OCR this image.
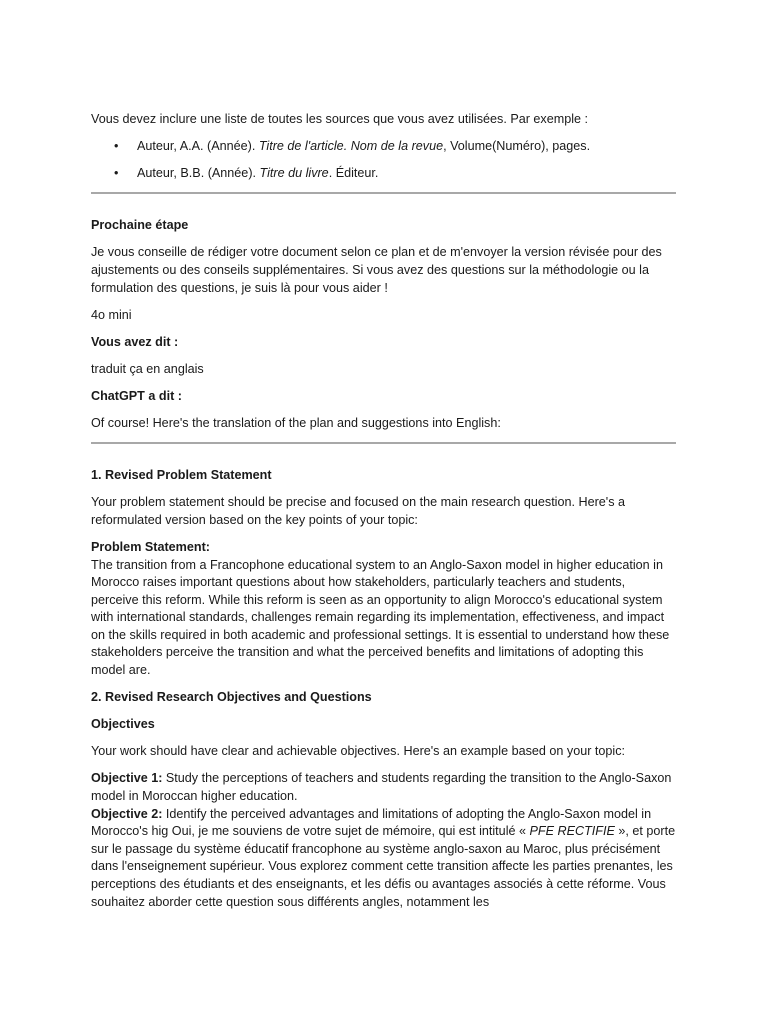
Vous devez inclure une liste de toutes les sources que vous avez utilisées. Par exemple :

• Auteur, A.A. (Année). Titre de l'article. Nom de la revue, Volume(Numéro), pages.
• Auteur, B.B. (Année). Titre du livre. Éditeur.

Prochaine étape

Je vous conseille de rédiger votre document selon ce plan et de m'envoyer la version révisée pour des ajustements ou des conseils supplémentaires. Si vous avez des questions sur la méthodologie ou la formulation des questions, je suis là pour vous aider !

4o mini

Vous avez dit :

traduit ça en anglais

ChatGPT a dit :

Of course! Here's the translation of the plan and suggestions into English:

1. Revised Problem Statement

Your problem statement should be precise and focused on the main research question. Here's a reformulated version based on the key points of your topic:

Problem Statement:

The transition from a Francophone educational system to an Anglo-Saxon model in higher education in Morocco raises important questions about how stakeholders, particularly teachers and students, perceive this reform. While this reform is seen as an opportunity to align Morocco's educational system with international standards, challenges remain regarding its implementation, effectiveness, and impact on the skills required in both academic and professional settings. It is essential to understand how these stakeholders perceive the transition and what the perceived benefits and limitations of adopting this model are.

2. Revised Research Objectives and Questions

Objectives

Your work should have clear and achievable objectives. Here's an example based on your topic:

Objective 1: Study the perceptions of teachers and students regarding the transition to the Anglo-Saxon model in Moroccan higher education.

Objective 2: Identify the perceived advantages and limitations of adopting the Anglo-Saxon model in Morocco's hig Oui, je me souviens de votre sujet de mémoire, qui est intitulé « PFE RECTIFIE », et porte sur le passage du système éducatif francophone au système anglo-saxon au Maroc, plus précisément dans l'enseignement supérieur. Vous explorez comment cette transition affecte les parties prenantes, les perceptions des étudiants et des enseignants, et les défis ou avantages associés à cette réforme. Vous souhaitez aborder cette question sous différents angles, notamment les
